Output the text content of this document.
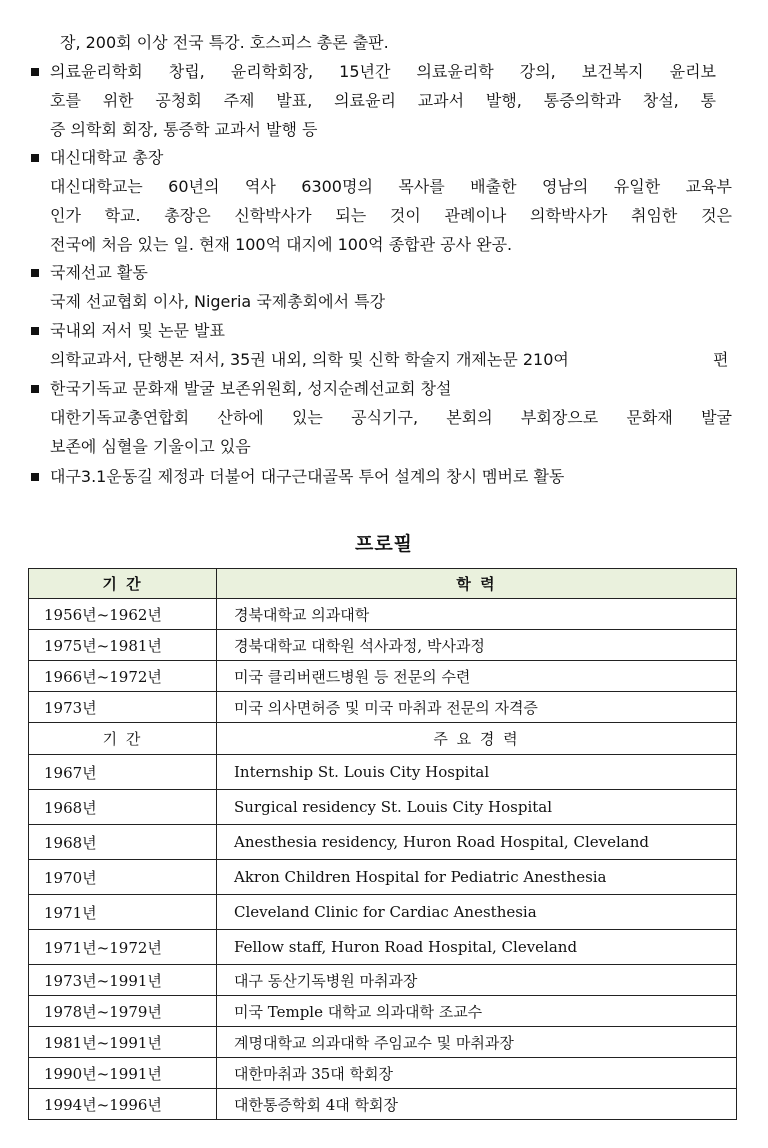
장, 200회 이상 전국 특강. 호스피스 총론 출판.
의료윤리학회 창립, 윤리학회장, 15년간 의료윤리학 강의, 보건복지 윤리보
호를 위한 공청회 주제 발표, 의료윤리 교과서 발행, 통증의학과 창설, 통
증 의학회 회장, 통증학 교과서 발행 등
대신대학교 총장
대신대학교는 60년의 역사 6300명의 목사를 배출한 영남의 유일한 교육부
인가 학교. 총장은 신학박사가 되는 것이 관례이나 의학박사가 취임한 것은
전국에 처음 있는 일. 현재 100억 대지에 100억 종합관 공사 완공.
국제선교 활동
국제 선교협회 이사, Nigeria 국제총회에서 특강
국내외 저서 및 논문 발표
의학교과서, 단행본 저서, 35권 내외, 의학 및 신학 학술지 개제논문 210여	편
한국기독교 문화재 발굴 보존위원회, 성지순례선교회 창설
대한기독교총연합회 산하에 있는 공식기구, 본회의 부회장으로 문화재 발굴
보존에 심혈을 기울이고 있음
대구3.1운동길 제정과 더불어 대구근대골목 투어 설계의 창시 멤버로 활동
프로필
기 간	학 력
1956년~1962년	경북대학교 의과대학
1975년~1981년	경북대학교 대학원 석사과정, 박사과정
1966년~1972년	미국 클리버랜드병원 등 전문의 수련
1973년	미국 의사면허증 및 미국 마취과 전문의 자격증
기 간	주 요 경 력
1967년	Internship St. Louis City Hospital
1968년	Surgical residency St. Louis City Hospital
1968년	Anesthesia residency, Huron Road Hospital, Cleveland
1970년	Akron Children Hospital for Pediatric Anesthesia
1971년	Cleveland Clinic for Cardiac Anesthesia
1971년~1972년	Fellow staff, Huron Road Hospital, Cleveland
1973년~1991년	대구 동산기독병원 마취과장
1978년~1979년	미국 Temple 대학교 의과대학 조교수
1981년~1991년	계명대학교 의과대학 주임교수 및 마취과장
1990년~1991년	대한마취과 35대 학회장
1994년~1996년	대한통증학회 4대 학회장
